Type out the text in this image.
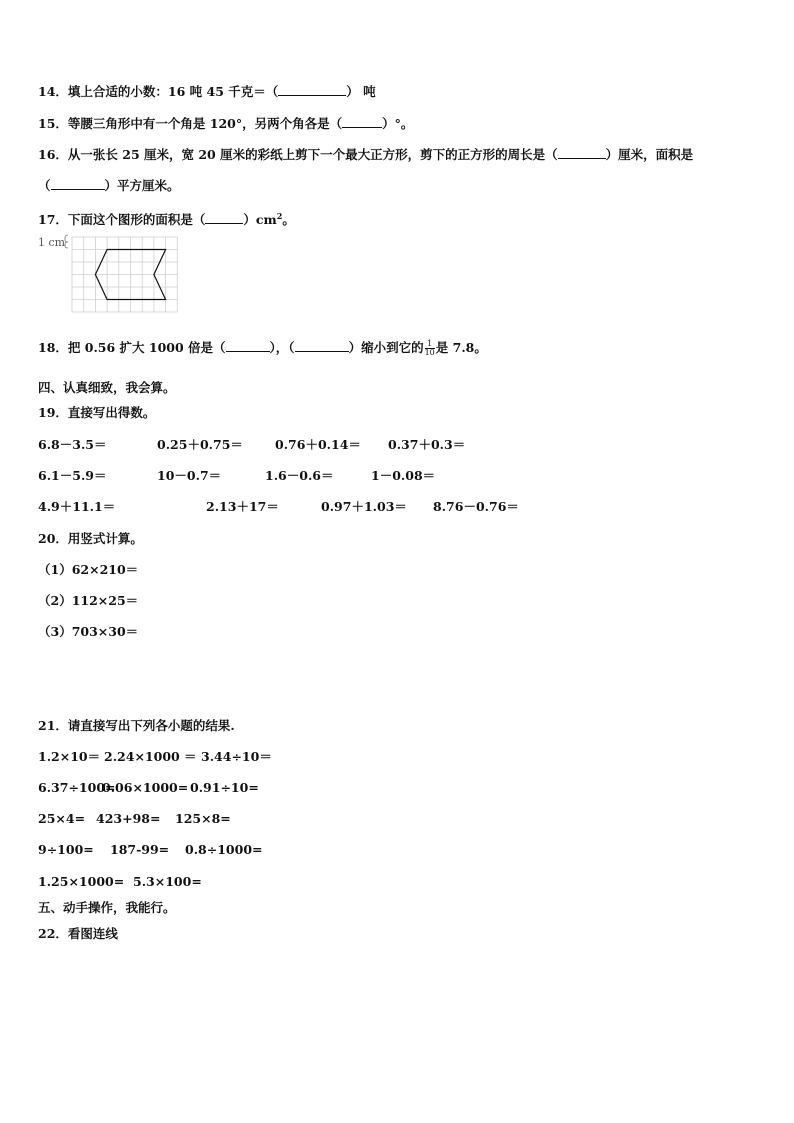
14．填上合适的小数：16 吨 45 千克＝（	） 吨
15．等腰三角形中有一个角是 120°，另两个角各是（	）°。
16．从一张长 25 厘米，宽 20 厘米的彩纸上剪下一个最大正方形，剪下的正方形的周长是（	）厘米，面积是
（	）平方厘米。
17．下面这个图形的面积是（	）$cm^2$。
1 cm
18．把 0.56 扩大 1000 倍是（	），（	）缩小到它的 $\frac{1}{10}$ 是 7.8。
四、认真细致，我会算。
19．直接写出得数。
6.8－3.5＝	0.25＋0.75＝	0.76＋0.14＝ 0.37＋0.3＝
6.1－5.9＝	10－0.7＝	1.6－0.6＝	1－0.08＝
4.9＋11.1＝	2.13＋17＝	0.97＋1.03＝ 8.76－0.76＝
20．用竖式计算。
（1）62×210＝
（2）112×25＝
（3）703×30＝
21．请直接写出下列各小题的结果.
1.2×10＝ 2.24×1000 ＝ 3.44÷10＝
6.37÷100=
0.06×1000= 0.91÷10=
25×4= 423+98= 125×8=
9÷100= 187-99= 0.8÷1000=
1.25×1000= 5.3×100=
五、动手操作，我能行。
22．看图连线
